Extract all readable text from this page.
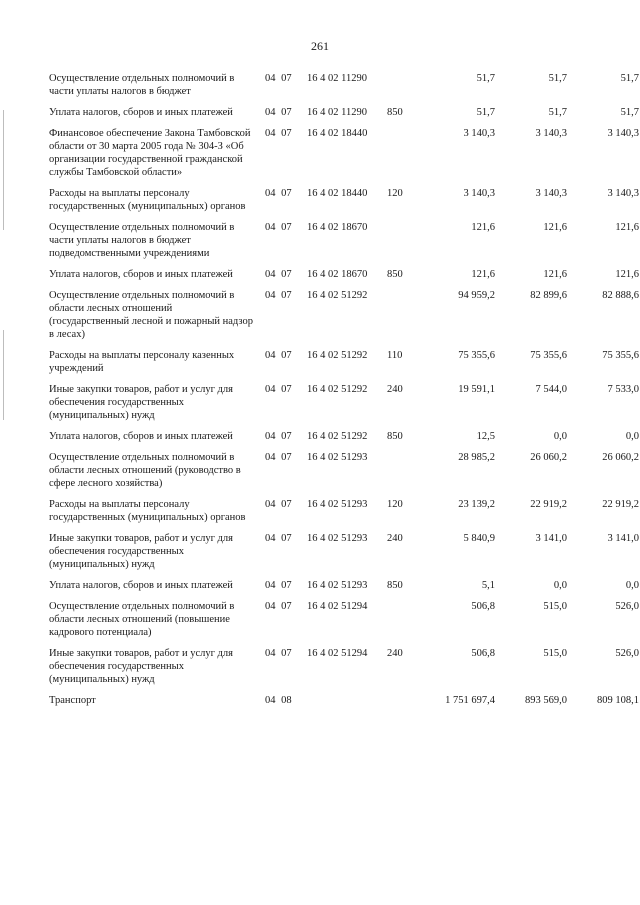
261
Осуществление отдельных полномочий в части уплаты налогов в бюджет	04 07	16 4 02 11290		51,7	51,7	51,7
Уплата налогов, сборов и иных платежей	04 07	16 4 02 11290	850	51,7	51,7	51,7
Финансовое обеспечение Закона Тамбовской области от 30 марта 2005 года № 304-З «Об организации государственной гражданской службы Тамбовской области»	04 07	16 4 02 18440		3 140,3	3 140,3	3 140,3
Расходы на выплаты персоналу государственных (муниципальных) органов	04 07	16 4 02 18440	120	3 140,3	3 140,3	3 140,3
Осуществление отдельных полномочий в части уплаты налогов в бюджет подведомственными учреждениями	04 07	16 4 02 18670		121,6	121,6	121,6
Уплата налогов, сборов и иных платежей	04 07	16 4 02 18670	850	121,6	121,6	121,6
Осуществление отдельных полномочий в области лесных отношений (государственный лесной и пожарный надзор в лесах)	04 07	16 4 02 51292		94 959,2	82 899,6	82 888,6
Расходы на выплаты персоналу казенных учреждений	04 07	16 4 02 51292	110	75 355,6	75 355,6	75 355,6
Иные закупки товаров, работ и услуг для обеспечения государственных (муниципальных) нужд	04 07	16 4 02 51292	240	19 591,1	7 544,0	7 533,0
Уплата налогов, сборов и иных платежей	04 07	16 4 02 51292	850	12,5	0,0	0,0
Осуществление отдельных полномочий в области лесных отношений (руководство в сфере лесного хозяйства)	04 07	16 4 02 51293		28 985,2	26 060,2	26 060,2
Расходы на выплаты персоналу государственных (муниципальных) органов	04 07	16 4 02 51293	120	23 139,2	22 919,2	22 919,2
Иные закупки товаров, работ и услуг для обеспечения государственных (муниципальных) нужд	04 07	16 4 02 51293	240	5 840,9	3 141,0	3 141,0
Уплата налогов, сборов и иных платежей	04 07	16 4 02 51293	850	5,1	0,0	0,0
Осуществление отдельных полномочий в области лесных отношений (повышение кадрового потенциала)	04 07	16 4 02 51294		506,8	515,0	526,0
Иные закупки товаров, работ и услуг для обеспечения государственных (муниципальных) нужд	04 07	16 4 02 51294	240	506,8	515,0	526,0
Транспорт	04 08			1 751 697,4	893 569,0	809 108,1
